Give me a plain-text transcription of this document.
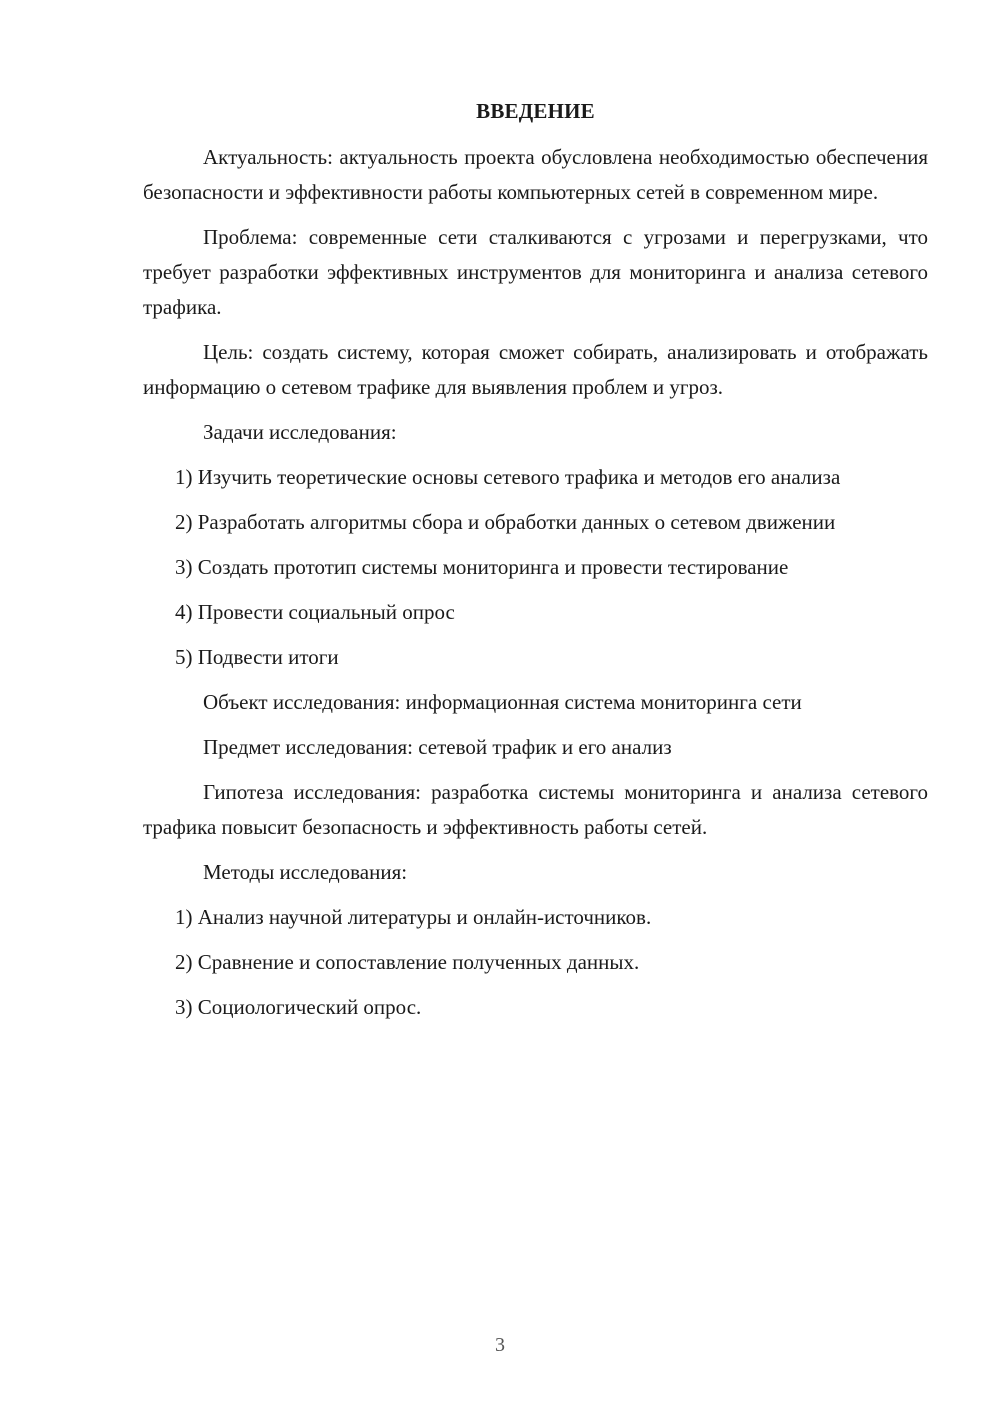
ВВЕДЕНИЕ

Актуальность: актуальность проекта обусловлена необходимостью обеспечения безопасности и эффективности работы компьютерных сетей в современном мире.

Проблема: современные сети сталкиваются с угрозами и перегрузками, что требует разработки эффективных инструментов для мониторинга и анализа сетевого трафика.

Цель: создать систему, которая сможет собирать, анализировать и отображать информацию о сетевом трафике для выявления проблем и угроз.

Задачи исследования:

1) Изучить теоретические основы сетевого трафика и методов его анализа

2) Разработать алгоритмы сбора и обработки данных о сетевом движении

3) Создать прототип системы мониторинга и провести тестирование

4) Провести социальный опрос

5) Подвести итоги

Объект исследования: информационная система мониторинга сети

Предмет исследования: сетевой трафик и его анализ

Гипотеза исследования: разработка системы мониторинга и анализа сетевого трафика повысит безопасность и эффективность работы сетей.

Методы исследования:

1) Анализ научной литературы и онлайн-источников.

2) Сравнение и сопоставление полученных данных.

3) Социологический опрос.

3
